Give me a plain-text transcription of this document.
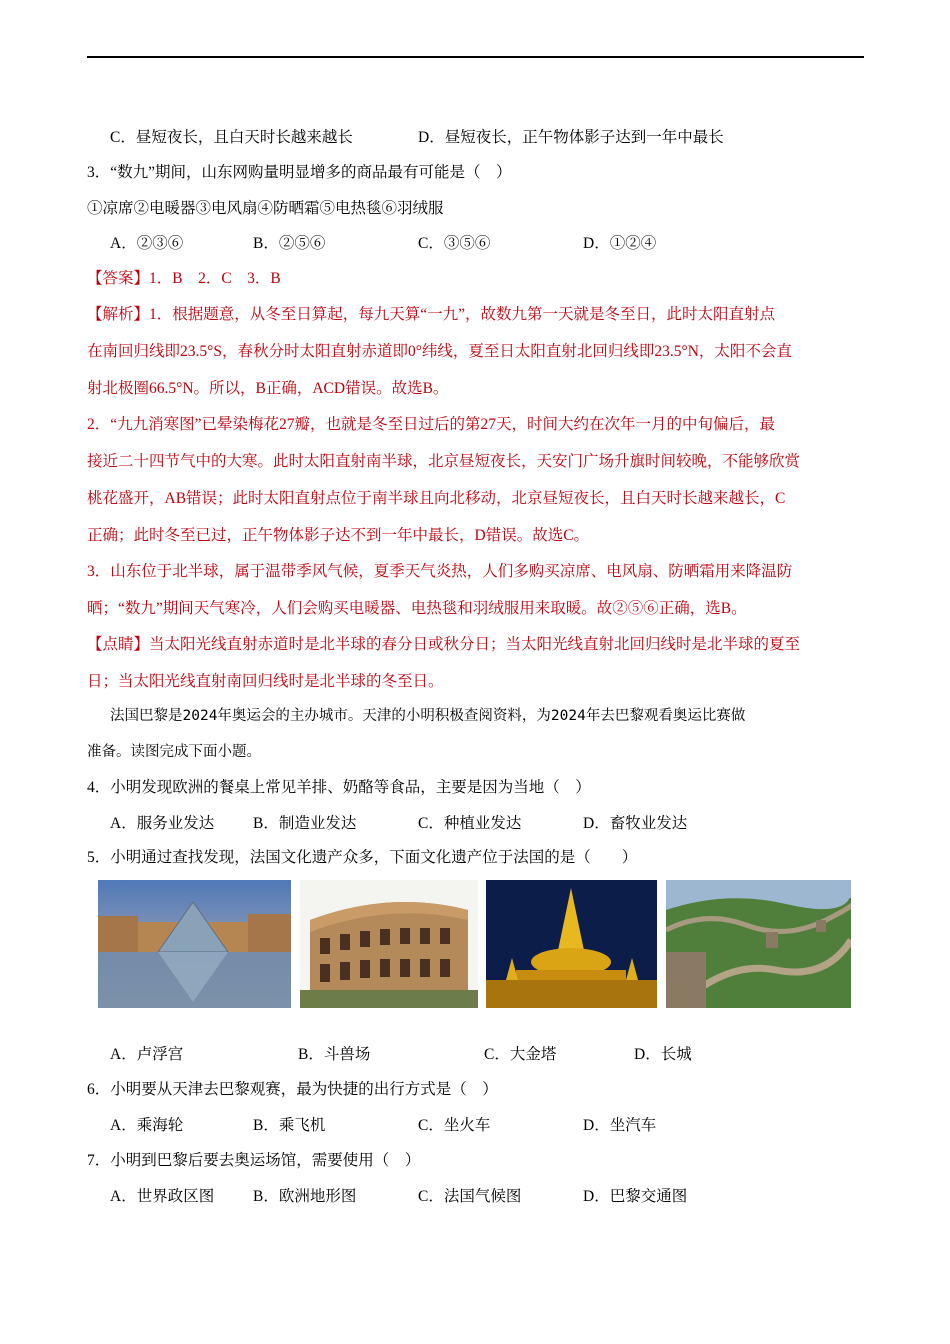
C．昼短夜长，且白天时长越来越长	D．昼短夜长，正午物体影子达到一年中最长
3．“数九”期间，山东网购量明显增多的商品最有可能是（　）
①凉席②电暖器③电风扇④防晒霜⑤电热毯⑥羽绒服
A．②③⑥	B．②⑤⑥	C．③⑤⑥	D．①②④
【答案】1．B　2．C　3．B
【解析】1．根据题意，从冬至日算起，每九天算“一九”，故数九第一天就是冬至日，此时太阳直射点
在南回归线即23.5°S，春秋分时太阳直射赤道即0°纬线，夏至日太阳直射北回归线即23.5°N，太阳不会直
射北极圈66.5°N。所以，B正确，ACD错误。故选B。
2．“九九消寒图”已晕染梅花27瓣，也就是冬至日过后的第27天，时间大约在次年一月的中旬偏后，最
接近二十四节气中的大寒。此时太阳直射南半球，北京昼短夜长，天安门广场升旗时间较晚，不能够欣赏
桃花盛开，AB错误；此时太阳直射点位于南半球且向北移动，北京昼短夜长，且白天时长越来越长，C
正确；此时冬至已过，正午物体影子达不到一年中最长，D错误。故选C。
3．山东位于北半球，属于温带季风气候，夏季天气炎热，人们多购买凉席、电风扇、防晒霜用来降温防
晒；“数九”期间天气寒冷，人们会购买电暖器、电热毯和羽绒服用来取暖。故②⑤⑥正确，选B。
【点睛】当太阳光线直射赤道时是北半球的春分日或秋分日；当太阳光线直射北回归线时是北半球的夏至
日；当太阳光线直射南回归线时是北半球的冬至日。
法国巴黎是2024年奥运会的主办城市。天津的小明积极查阅资料，为2024年去巴黎观看奥运比赛做
准备。读图完成下面小题。
4．小明发现欧洲的餐桌上常见羊排、奶酪等食品，主要是因为当地（　）
A．服务业发达	B．制造业发达	C．种植业发达	D．畜牧业发达
5．小明通过查找发现，法国文化遗产众多，下面文化遗产位于法国的是（　　）
A．卢浮宫	B．斗兽场	C．大金塔	D．长城
6．小明要从天津去巴黎观赛，最为快捷的出行方式是（　）
A．乘海轮	B．乘飞机	C．坐火车	D．坐汽车
7．小明到巴黎后要去奥运场馆，需要使用（　）
A．世界政区图	B．欧洲地形图	C．法国气候图	D．巴黎交通图
